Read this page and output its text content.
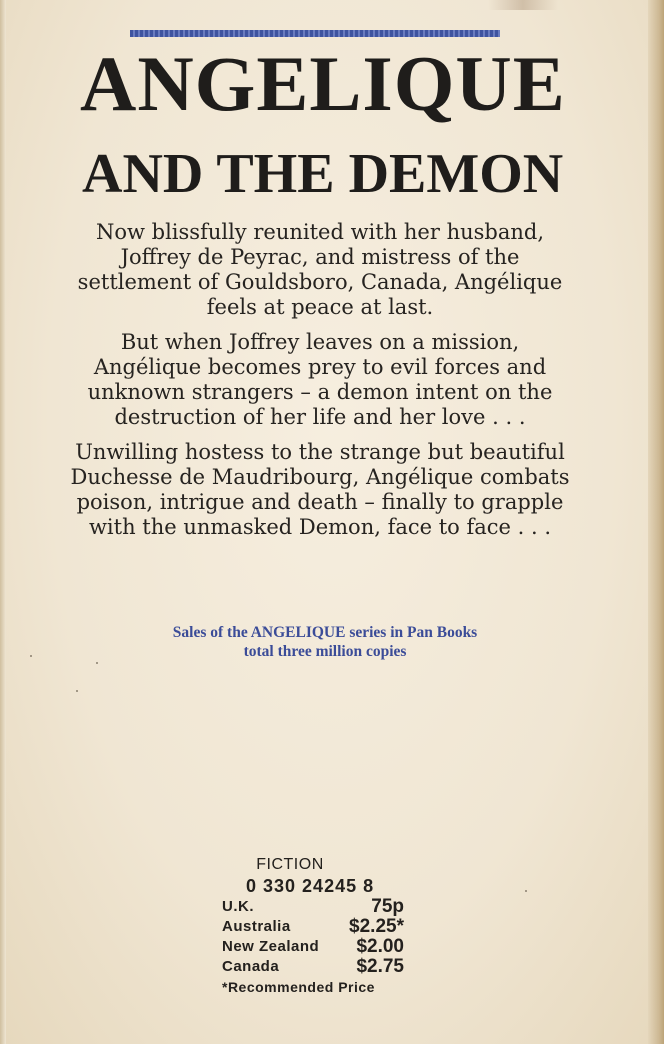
ANGELIQUE
AND THE DEMON

Now blissfully reunited with her husband, Joffrey de Peyrac, and mistress of the settlement of Gouldsboro, Canada, Angélique feels at peace at last.

But when Joffrey leaves on a mission, Angélique becomes prey to evil forces and unknown strangers – a demon intent on the destruction of her life and her love . . .

Unwilling hostess to the strange but beautiful Duchesse de Maudribourg, Angélique combats poison, intrigue and death – finally to grapple with the unmasked Demon, face to face . . .

Sales of the ANGELIQUE series in Pan Books
total three million copies
FICTION
0 330 24245 8
U.K.	75p
Australia	$2.25*
New Zealand $2.00
Canada	$2.75
*Recommended Price
